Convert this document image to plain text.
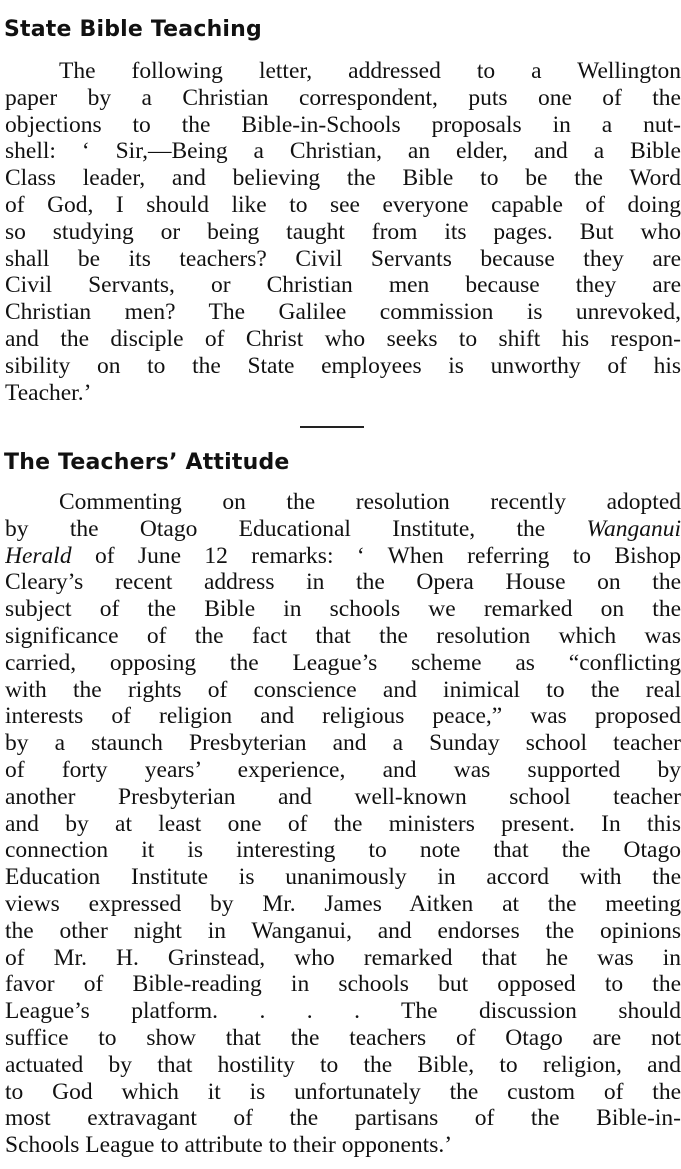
State Bible Teaching
The following letter, addressed to a Wellington
paper by a Christian correspondent, puts one of the
objections to the Bible-in-Schools proposals in a nut-
shell: ‘ Sir,—Being a Christian, an elder, and a Bible
Class leader, and believing the Bible to be the Word
of God, I should like to see everyone capable of doing
so studying or being taught from its pages. But who
shall be its teachers? Civil Servants because they are
Civil Servants, or Christian men because they are
Christian men? The Galilee commission is unrevoked,
and the disciple of Christ who seeks to shift his respon-
sibility on to the State employees is unworthy of his
Teacher.’
The Teachers’ Attitude
Commenting on the resolution recently adopted
by the Otago Educational Institute, the Wanganui
Herald of June 12 remarks: ‘ When referring to Bishop
Cleary’s recent address in the Opera House on the
subject of the Bible in schools we remarked on the
significance of the fact that the resolution which was
carried, opposing the League’s scheme as “conflicting
with the rights of conscience and inimical to the real
interests of religion and religious peace,” was proposed
by a staunch Presbyterian and a Sunday school teacher
of forty years’ experience, and was supported by
another Presbyterian and well-known school teacher
and by at least one of the ministers present. In this
connection it is interesting to note that the Otago
Education Institute is unanimously in accord with the
views expressed by Mr. James Aitken at the meeting
the other night in Wanganui, and endorses the opinions
of Mr. H. Grinstead, who remarked that he was in
favor of Bible-reading in schools but opposed to the
League’s platform. . . . The discussion should
suffice to show that the teachers of Otago are not
actuated by that hostility to the Bible, to religion, and
to God which it is unfortunately the custom of the
most extravagant of the partisans of the Bible-in-
Schools League to attribute to their opponents.’
